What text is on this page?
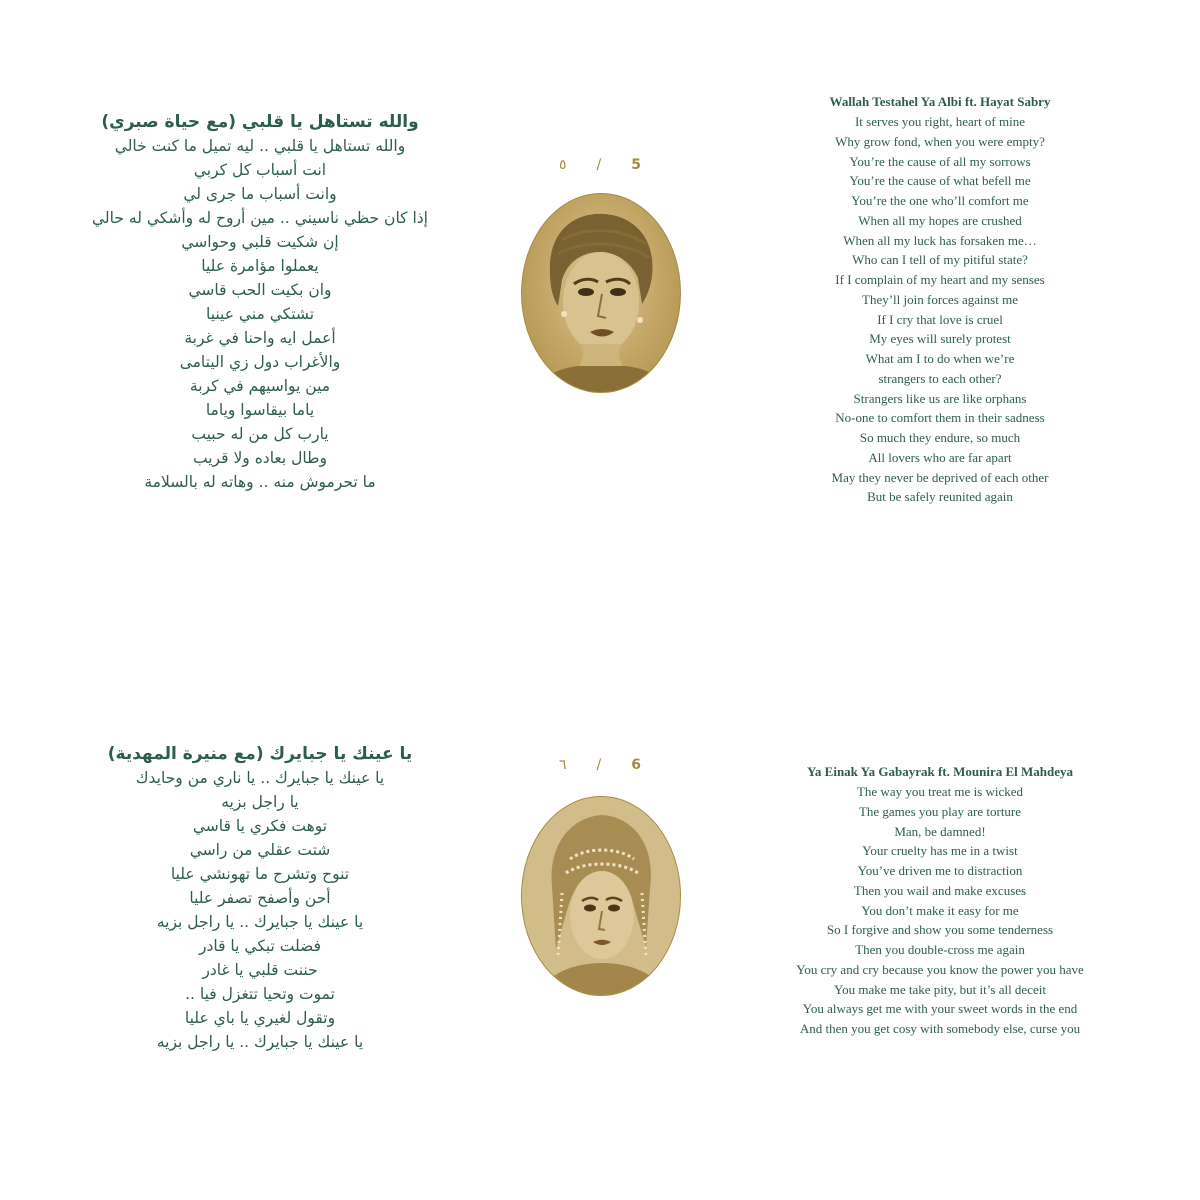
والله تستاهل يا قلبي (مع حياة صبري)

والله تستاهل يا قلبي .. ليه تميل ما كنت خالي

انت أسباب كل كربي

وانت أسباب ما جرى لي

إذا كان حظي ناسيني .. مين أروح له وأشكي له حالي

إن شكيت قلبي وحواسي

يعملوا مؤامرة عليا

وان بكيت الحب قاسي

تشتكي مني عينيا

أعمل ايه واحنا في غربة

والأغراب دول زي اليتامى

مين يواسيهم في كربة

ياما بيقاسوا وياما

يارب كل من له حبيب

وطال بعاده ولا قريب

ما تحرموش منه .. وهاته له بالسلامة

٥ / 5

Wallah Testahel Ya Albi ft. Hayat Sabry

It serves you right, heart of mine

Why grow fond, when you were empty?

You’re the cause of all my sorrows

You’re the cause of what befell me

You’re the one who’ll comfort me

When all my hopes are crushed

When all my luck has forsaken me…

Who can I tell of my pitiful state?

If I complain of my heart and my senses

They’ll join forces against me

If I cry that love is cruel

My eyes will surely protest

What am I to do when we’re

strangers to each other?

Strangers like us are like orphans

No-one to comfort them in their sadness

So much they endure, so much

All lovers who are far apart

May they never be deprived of each other

But be safely reunited again

يا عينك يا جبايرك (مع منيرة المهدية)

يا عينك يا جبايرك .. يا ناري من وحايدك

يا راجل بزيه

توهت فكري يا قاسي

شتت عقلي من راسي

تنوح وتشرح ما تهونشي عليا

أحن وأصفح تصفر عليا

يا عينك يا جبايرك .. يا راجل بزيه

فضلت تبكي يا قادر

حننت قلبي يا غادر

تموت وتحيا تتغزل فيا ..

وتقول لغيري يا باي عليا

يا عينك يا جبايرك .. يا راجل بزيه

٦ / 6	Ya Einak Ya Gabayrak ft. Mounira El Mahdeya

The way you treat me is wicked

The games you play are torture

Man, be damned!

Your cruelty has me in a twist

You’ve driven me to distraction

Then you wail and make excuses

You don’t make it easy for me

So I forgive and show you some tenderness

Then you double-cross me again

You cry and cry because you know the power you have

You make me take pity, but it’s all deceit

You always get me with your sweet words in the end

And then you get cosy with somebody else, curse you
